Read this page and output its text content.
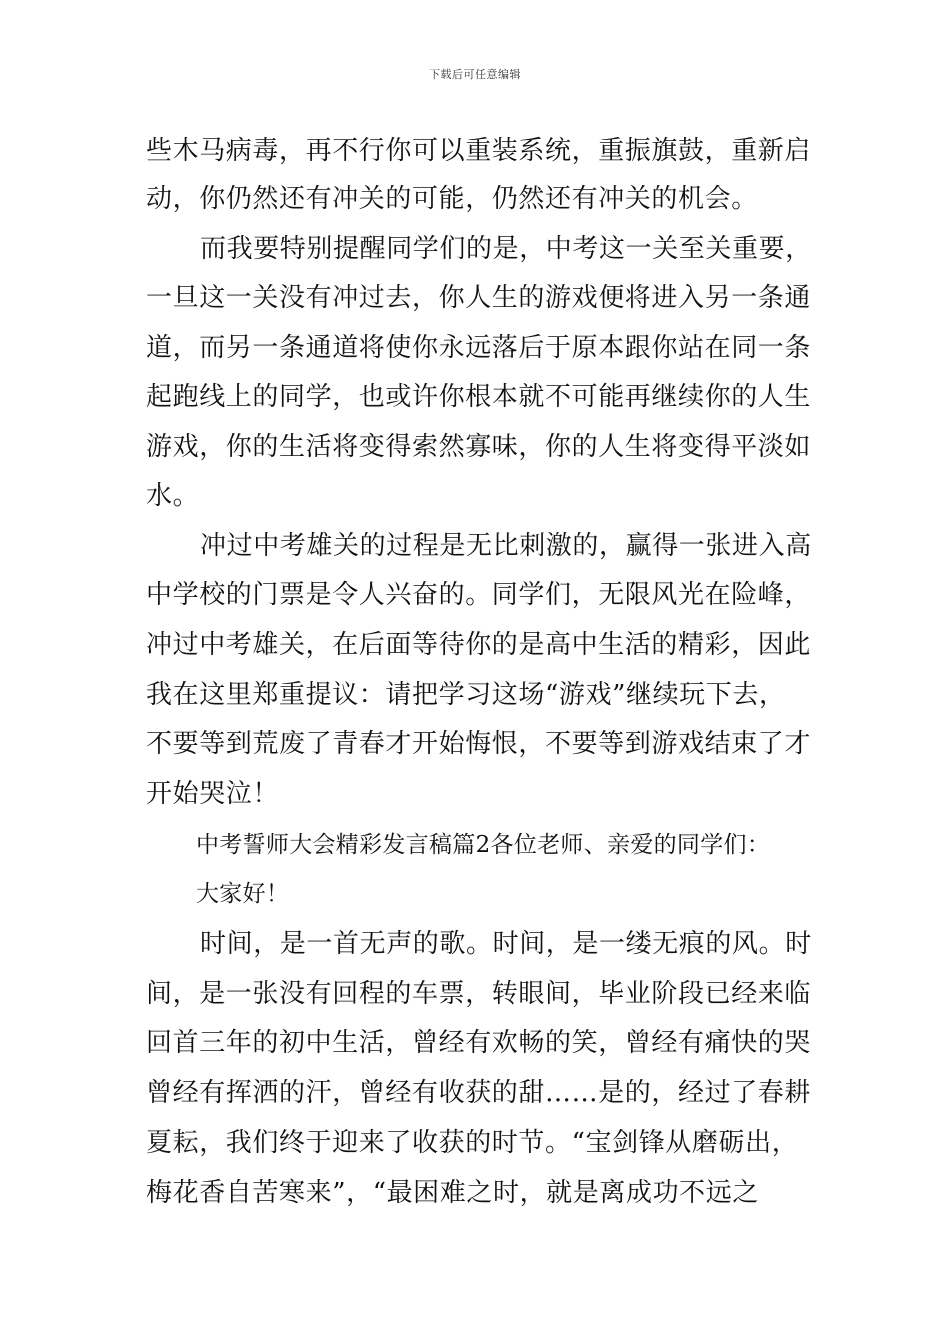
下载后可任意编辑
些木马病毒，再不行你可以重装系统，重振旗鼓，重新启
动，你仍然还有冲关的可能，仍然还有冲关的机会。
而我要特别提醒同学们的是，中考这一关至关重要，
一旦这一关没有冲过去，你人生的游戏便将进入另一条通
道，而另一条通道将使你永远落后于原本跟你站在同一条
起跑线上的同学，也或许你根本就不可能再继续你的人生
游戏，你的生活将变得索然寡味，你的人生将变得平淡如
水。
冲过中考雄关的过程是无比刺激的，赢得一张进入高
中学校的门票是令人兴奋的。同学们，无限风光在险峰，
冲过中考雄关，在后面等待你的是高中生活的精彩，因此
我在这里郑重提议：请把学习这场“游戏”继续玩下去，
不要等到荒废了青春才开始悔恨，不要等到游戏结束了才
开始哭泣！
中考誓师大会精彩发言稿篇2各位老师、亲爱的同学们：
大家好！
时间，是一首无声的歌。时间，是一缕无痕的风。时
间，是一张没有回程的车票，转眼间，毕业阶段已经来临
回首三年的初中生活，曾经有欢畅的笑，曾经有痛快的哭
曾经有挥洒的汗，曾经有收获的甜……是的，经过了春耕
夏耘，我们终于迎来了收获的时节。“宝剑锋从磨砺出，
梅花香自苦寒来”，“最困难之时，就是离成功不远之
